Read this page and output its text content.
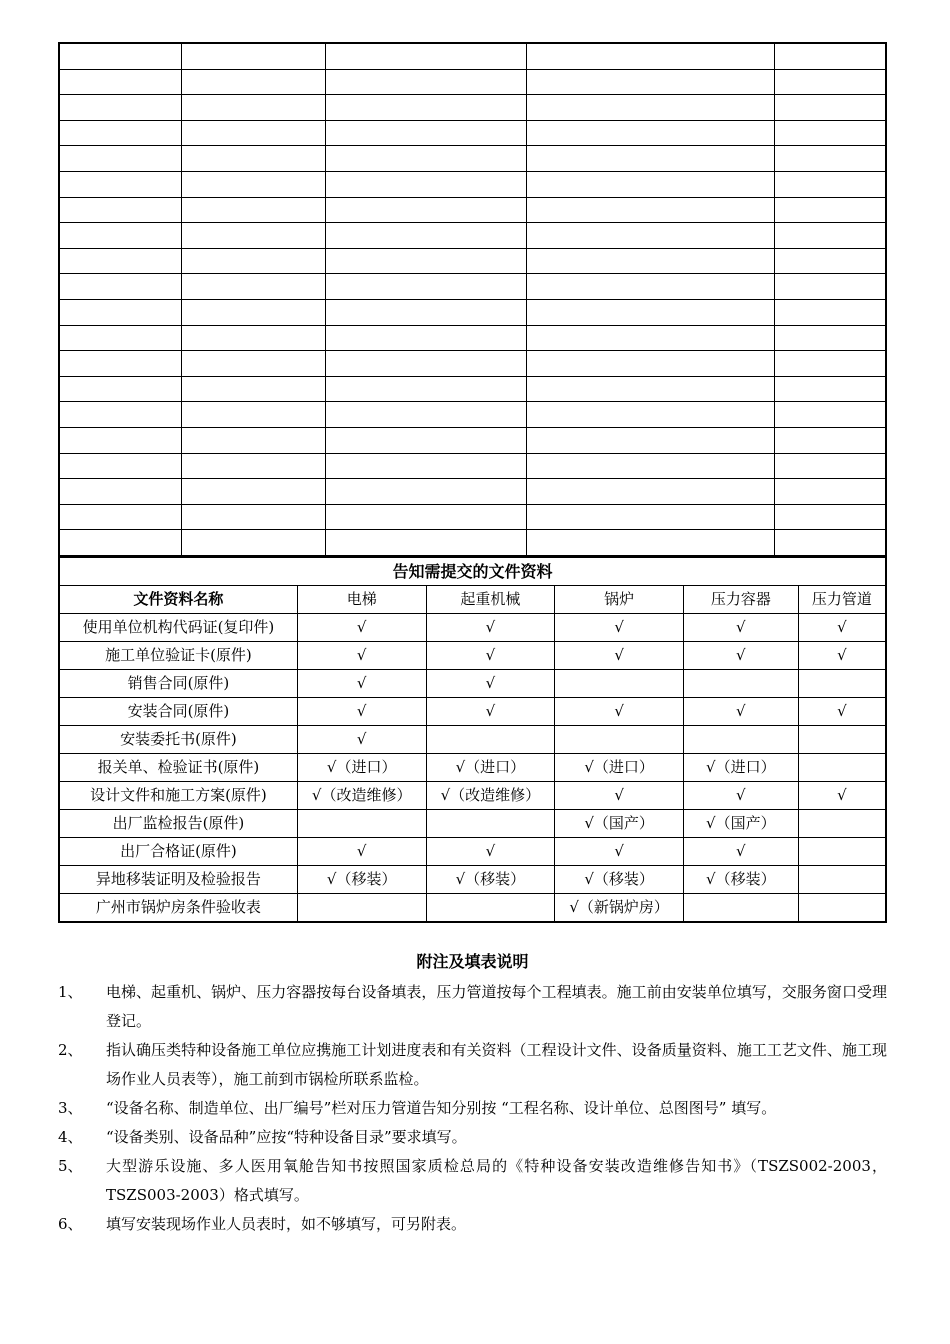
告知需提交的文件资料					
文件资料名称	电梯	起重机械	锅炉	压力容器	压力管道
使用单位机构代码证(复印件)	√	√	√	√	√
施工单位验证卡(原件)	√	√	√	√	√
销售合同(原件)	√	√			
安装合同(原件)	√	√	√	√	√
安装委托书(原件)	√				
报关单、检验证书(原件)	√（进口）	√（进口）	√（进口）	√（进口）	
设计文件和施工方案(原件)	√（改造维修）	√（改造维修）	√	√	√
出厂监检报告(原件)			√（国产）	√（国产）	
出厂合格证(原件)	√	√	√	√	
异地移装证明及检验报告	√（移装）	√（移装）	√（移装）	√（移装）	
广州市锅炉房条件验收表			√（新锅炉房）		
附注及填表说明
1、	电梯、起重机、锅炉、压力容器按每台设备填表，压力管道按每个工程填表。施工前由安装单位填写，交服务窗口受理登记。
2、	指认确压类特种设备施工单位应携施工计划进度表和有关资料（工程设计文件、设备质量资料、施工工艺文件、施工现场作业人员表等），施工前到市锅检所联系监检。
3、	“设备名称、制造单位、出厂编号”栏对压力管道告知分别按 “工程名称、设计单位、总图图号” 填写。
4、	“设备类别、设备品种”应按“特种设备目录”要求填写。
5、	大型游乐设施、多人医用氧舱告知书按照国家质检总局的《特种设备安装改造维修告知书》（TSZS002-2003，TSZS003-2003）格式填写。
6、	填写安装现场作业人员表时，如不够填写，可另附表。
